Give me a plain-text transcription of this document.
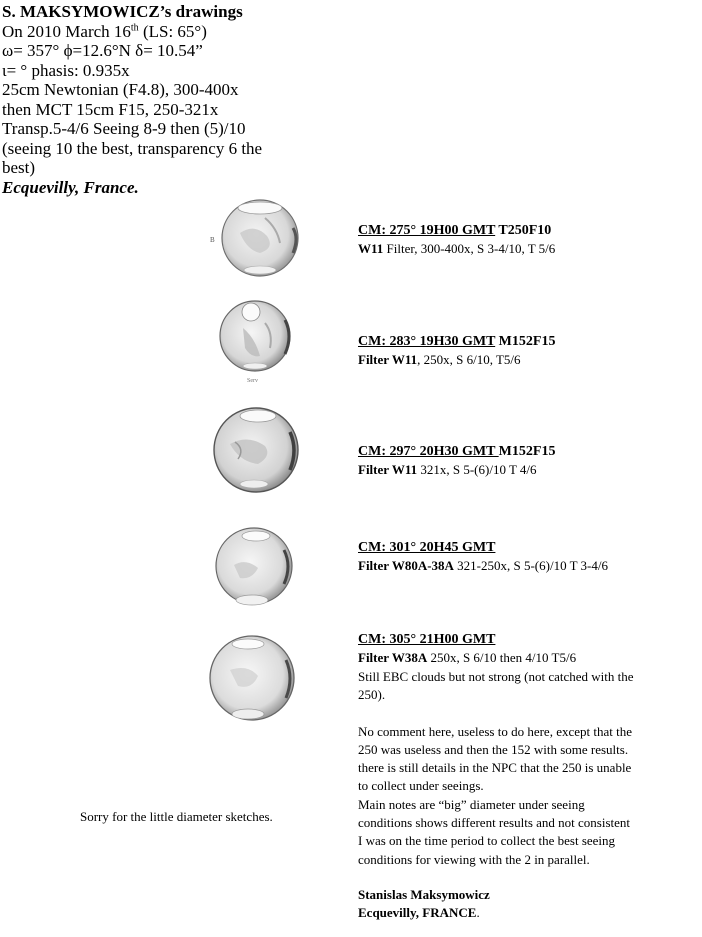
S. MAKSYMOWICZ’s drawings
On 2010 March 16th (LS: 65°)
ω= 357° ϕ=12.6°N δ= 10.54”
ι= ° phasis: 0.935x
25cm Newtonian (F4.8), 300-400x
then MCT 15cm F15, 250-321x
Transp.5-4/6 Seeing 8-9 then (5)/10
(seeing 10 the best, transparency 6 the
best)
Ecquevilly, France.
B
Serv
CM: 275° 19H00 GMT T250F10
W11 Filter, 300-400x, S 3-4/10, T 5/6
CM: 283° 19H30 GMT M152F15
Filter W11, 250x, S 6/10, T5/6
CM: 297° 20H30 GMT M152F15
Filter W11 321x, S 5-(6)/10 T 4/6
CM: 301° 20H45 GMT
Filter W80A-38A 321-250x, S 5-(6)/10 T 3-4/6
CM: 305° 21H00 GMT
Filter W38A 250x, S 6/10 then 4/10 T5/6
Still EBC clouds but not strong (not catched with the
250).
No comment here, useless to do here, except that the
250 was useless and then the 152 with some results.
there is still details in the NPC that the 250 is unable
to collect under seeings.
Main notes are “big” diameter under seeing
conditions shows different results and not consistent
I was on the time period to collect the best seeing
conditions for viewing with the 2 in parallel.
Sorry for the little diameter sketches.
Stanislas Maksymowicz
Ecquevilly, FRANCE.
